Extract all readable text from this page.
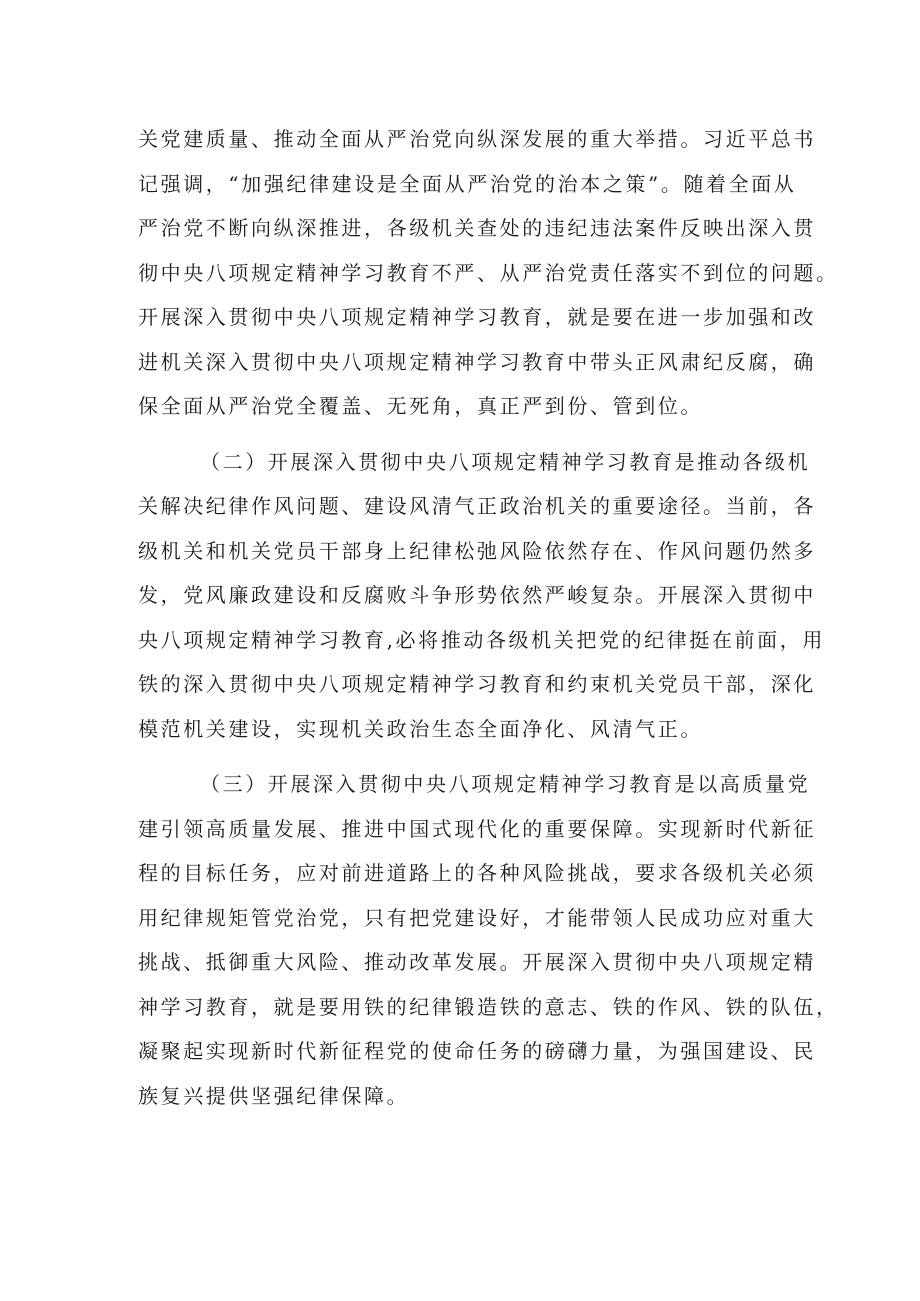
关党建质量、推动全面从严治党向纵深发展的重大举措。习近平总书
记强调，“加强纪律建设是全面从严治党的治本之策”。随着全面从
严治党不断向纵深推进，各级机关查处的违纪违法案件反映出深入贯
彻中央八项规定精神学习教育不严、从严治党责任落实不到位的问题。
开展深入贯彻中央八项规定精神学习教育，就是要在进一步加强和改
进机关深入贯彻中央八项规定精神学习教育中带头正风肃纪反腐，确
保全面从严治党全覆盖、无死角，真正严到份、管到位。
（二）开展深入贯彻中央八项规定精神学习教育是推动各级机
关解决纪律作风问题、建设风清气正政治机关的重要途径。当前，各
级机关和机关党员干部身上纪律松弛风险依然存在、作风问题仍然多
发，党风廉政建设和反腐败斗争形势依然严峻复杂。开展深入贯彻中
央八项规定精神学习教育,必将推动各级机关把党的纪律挺在前面，用
铁的深入贯彻中央八项规定精神学习教育和约束机关党员干部，深化
模范机关建设，实现机关政治生态全面净化、风清气正。
（三）开展深入贯彻中央八项规定精神学习教育是以高质量党
建引领高质量发展、推进中国式现代化的重要保障。实现新时代新征
程的目标任务，应对前进道路上的各种风险挑战，要求各级机关必须
用纪律规矩管党治党，只有把党建设好，才能带领人民成功应对重大
挑战、抵御重大风险、推动改革发展。开展深入贯彻中央八项规定精
神学习教育，就是要用铁的纪律锻造铁的意志、铁的作风、铁的队伍，
凝聚起实现新时代新征程党的使命任务的磅礴力量，为强国建设、民
族复兴提供坚强纪律保障。
